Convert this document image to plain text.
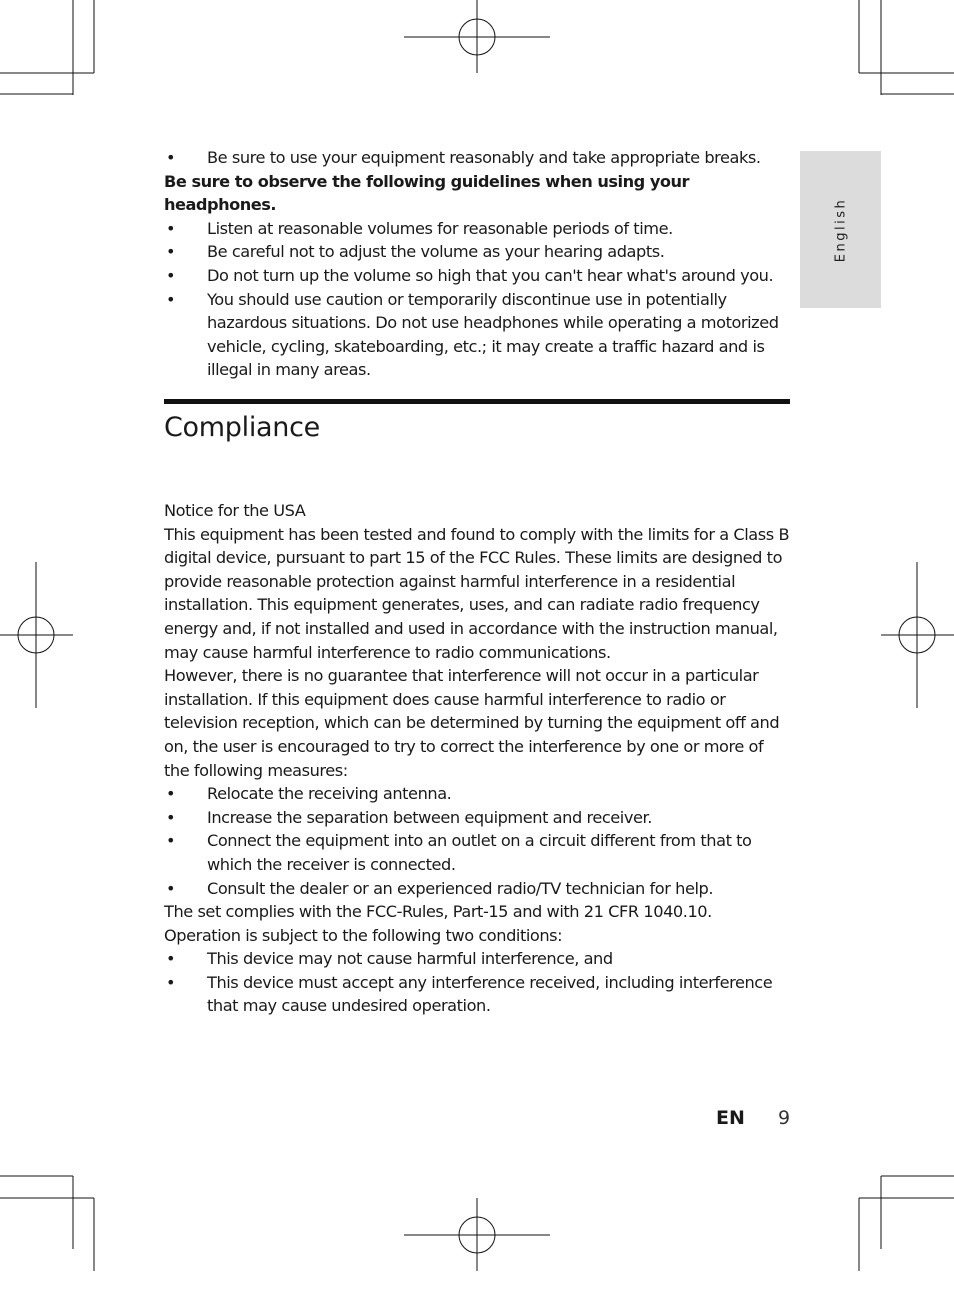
English
• Be sure to use your equipment reasonably and take appropriate breaks.

Be sure to observe the following guidelines when using your headphones.

• Listen at reasonable volumes for reasonable periods of time.
• Be careful not to adjust the volume as your hearing adapts.
• Do not turn up the volume so high that you can't hear what's around you.
• You should use caution or temporarily discontinue use in potentially hazardous situations. Do not use headphones while operating a motorized vehicle, cycling, skateboarding, etc.; it may create a traffic hazard and is illegal in many areas.
Compliance

Notice for the USA

This equipment has been tested and found to comply with the limits for a Class B digital device, pursuant to part 15 of the FCC Rules. These limits are designed to provide reasonable protection against harmful interference in a residential installation. This equipment generates, uses, and can radiate radio frequency energy and, if not installed and used in accordance with the instruction manual, may cause harmful interference to radio communications.

However, there is no guarantee that interference will not occur in a particular installation. If this equipment does cause harmful interference to radio or television reception, which can be determined by turning the equipment off and on, the user is encouraged to try to correct the interference by one or more of the following measures:

• Relocate the receiving antenna.
• Increase the separation between equipment and receiver.
• Connect the equipment into an outlet on a circuit different from that to which the receiver is connected.
• Consult the dealer or an experienced radio/TV technician for help.

The set complies with the FCC-Rules, Part-15 and with 21 CFR 1040.10.

Operation is subject to the following two conditions:

• This device may not cause harmful interference, and
• This device must accept any interference received, including interference that may cause undesired operation.
EN 9
